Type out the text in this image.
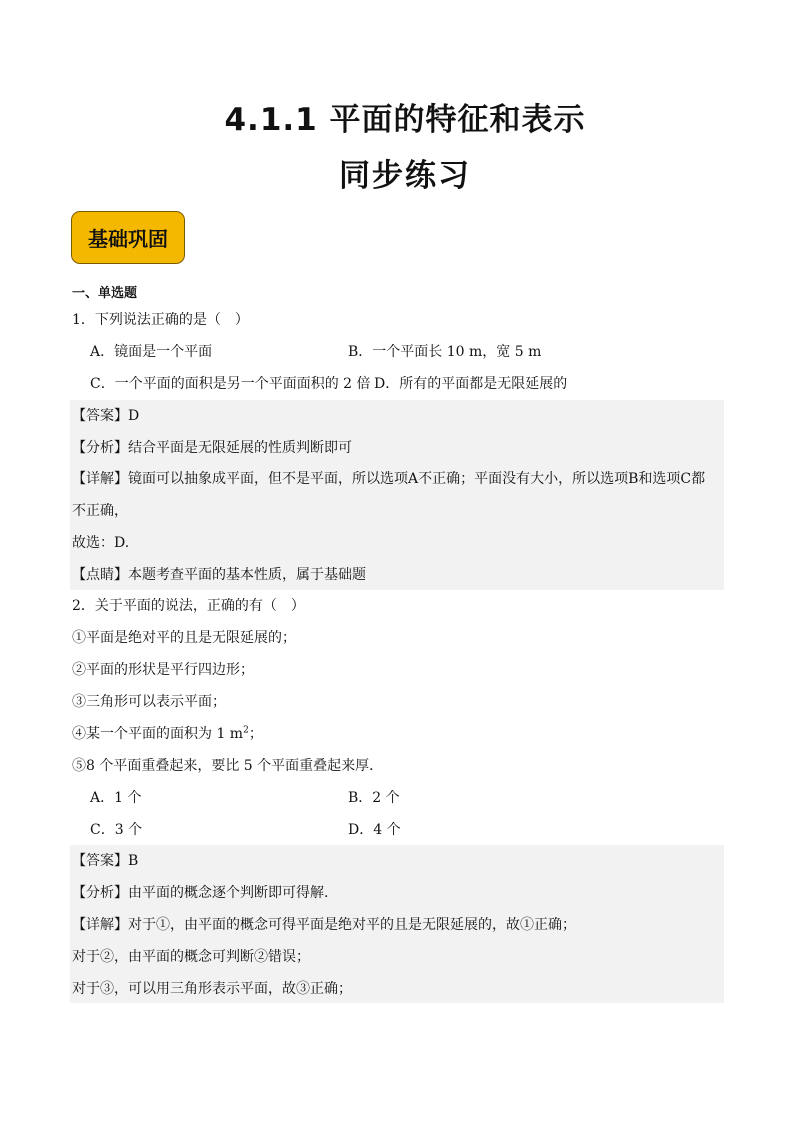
4.1.1 平面的特征和表示
同步练习
基础巩固
一、单选题
1．下列说法正确的是（　）
A．镜面是一个平面	B．一个平面长 10 m，宽 5 m
C．一个平面的面积是另一个平面面积的 2 倍 D．所有的平面都是无限延展的
【答案】D
【分析】结合平面是无限延展的性质判断即可
【详解】镜面可以抽象成平面，但不是平面，所以选项A不正确；平面没有大小，所以选项B和选项C都
不正确，
故选：D.
【点睛】本题考查平面的基本性质，属于基础题
2．关于平面的说法，正确的有（　）
①平面是绝对平的且是无限延展的；
②平面的形状是平行四边形；
③三角形可以表示平面；
④某一个平面的面积为 1 $m^2$；
⑤8 个平面重叠起来，要比 5 个平面重叠起来厚．
A．1 个	B．2 个
C．3 个	D．4 个
【答案】B
【分析】由平面的概念逐个判断即可得解.
【详解】对于①，由平面的概念可得平面是绝对平的且是无限延展的，故①正确；
对于②，由平面的概念可判断②错误；
对于③，可以用三角形表示平面，故③正确；
